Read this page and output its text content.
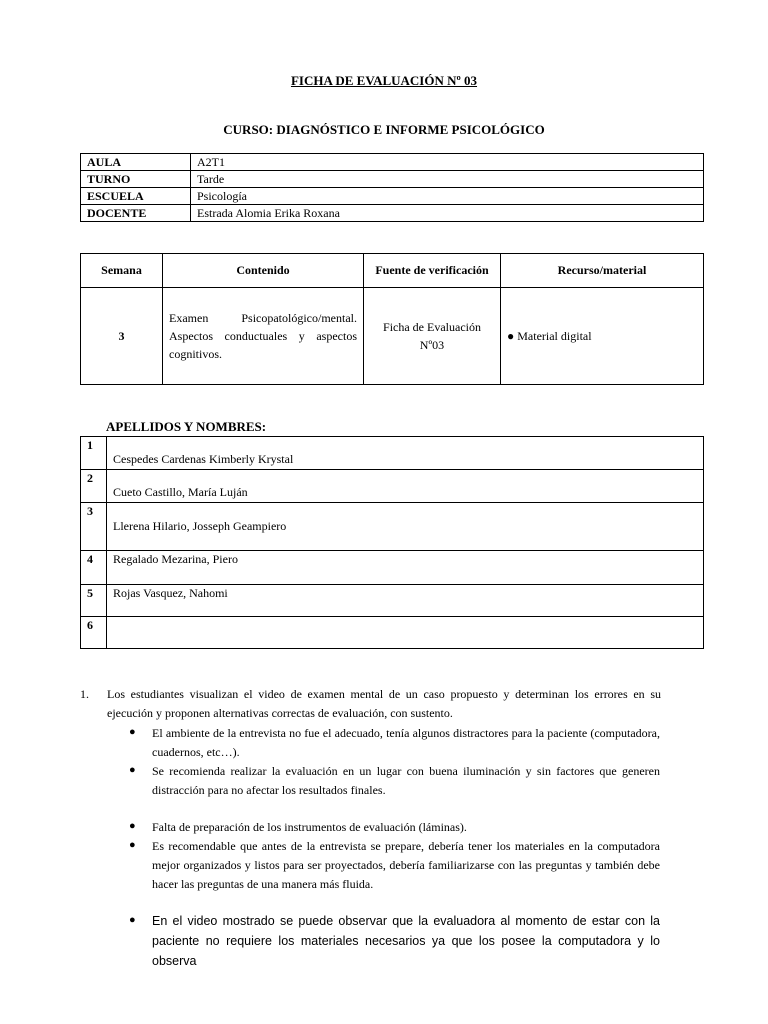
FICHA DE EVALUACIÓN Nº 03
CURSO: DIAGNÓSTICO E INFORME PSICOLÓGICO
AULA	A2T1
TURNO	Tarde
ESCUELA	Psicología
DOCENTE	Estrada Alomia Erika Roxana
Semana	Contenido	Fuente de verificación	Recurso/material
3	Examen Psicopatológico/mental. Aspectos conductuales y aspectos cognitivos.	Ficha de Evaluación Nº03	● Material digital
APELLIDOS Y NOMBRES:
1	Cespedes Cardenas Kimberly Krystal
2	Cueto Castillo, María Luján
3	Llerena Hilario, Josseph Geampiero
4	Regalado Mezarina, Piero
5	Rojas Vasquez, Nahomi
6	
1.	Los estudiantes visualizan el video de examen mental de un caso propuesto y determinan los errores en su ejecución y proponen alternativas correctas de evaluación, con sustento.
● El ambiente de la entrevista no fue el adecuado, tenía algunos distractores para la paciente (computadora, cuadernos, etc…).
● Se recomienda realizar la evaluación en un lugar con buena iluminación y sin factores que generen distracción para no afectar los resultados finales.
● Falta de preparación de los instrumentos de evaluación (láminas).
● Es recomendable que antes de la entrevista se prepare, debería tener los materiales en la computadora mejor organizados y listos para ser proyectados, debería familiarizarse con las preguntas y también debe hacer las preguntas de una manera más fluida.
● En el video mostrado se puede observar que la evaluadora al momento de estar con la paciente no requiere los materiales necesarios ya que los posee la computadora y lo observa
